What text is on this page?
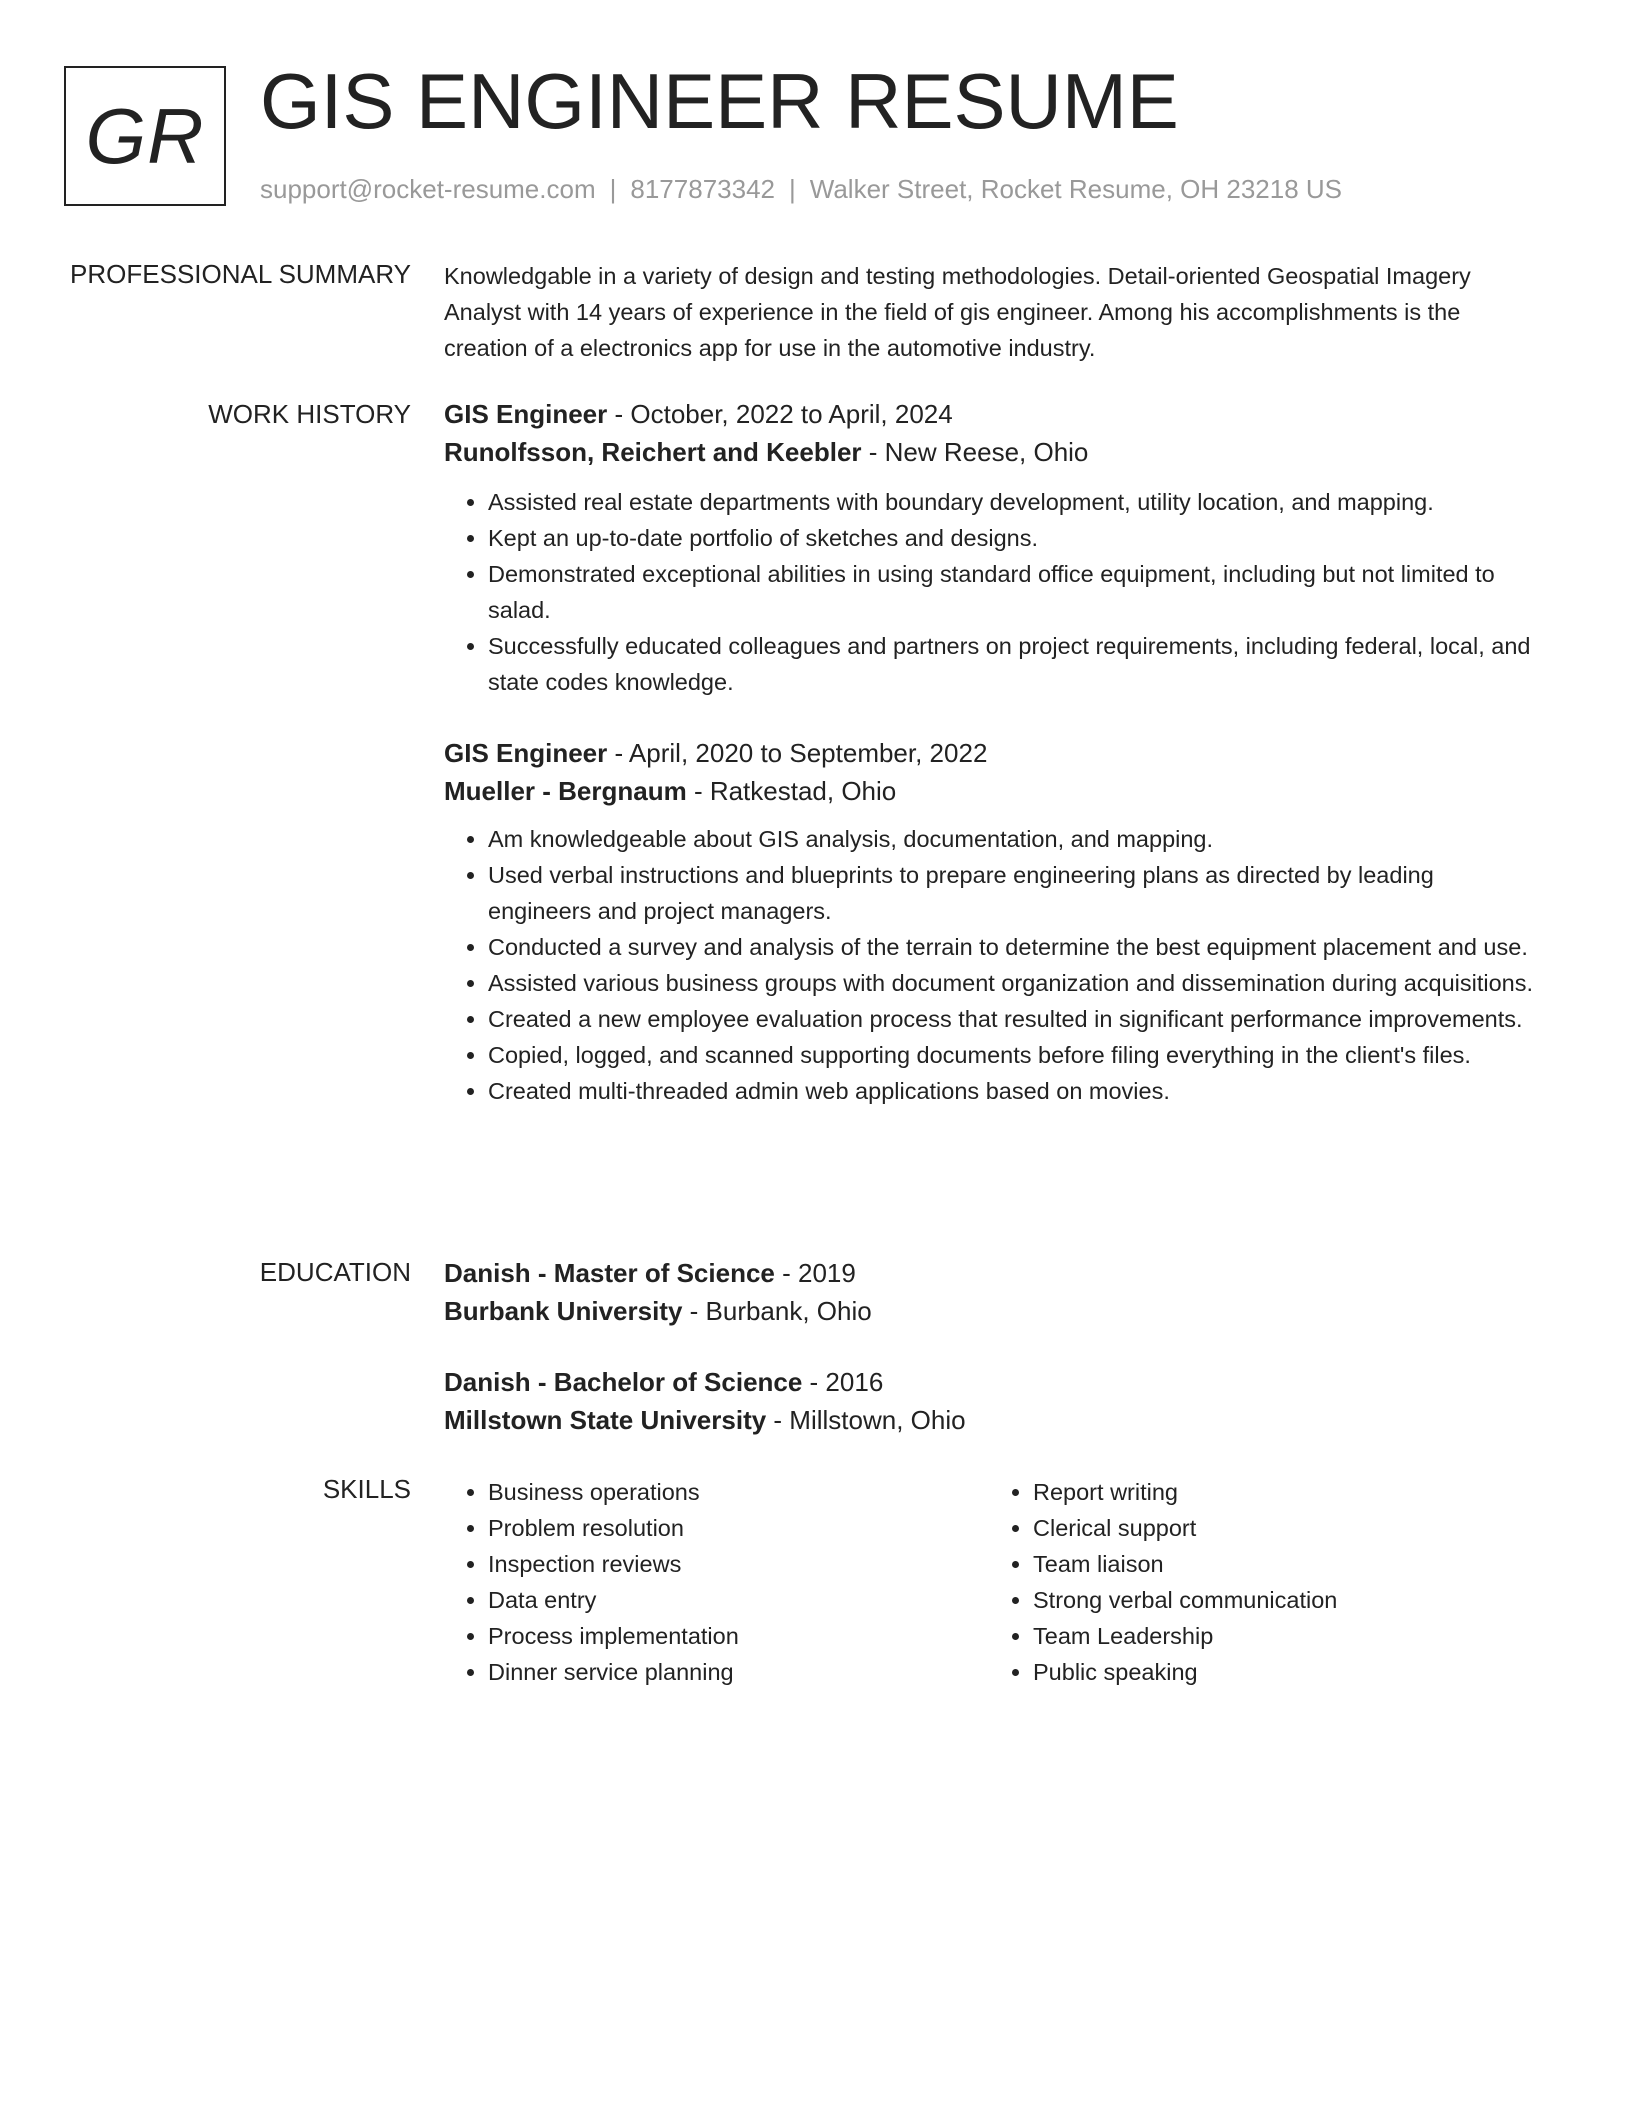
GR GIS ENGINEER RESUME
support@rocket-resume.com | 8177873342 | Walker Street, Rocket Resume, OH 23218 US
PROFESSIONAL SUMMARY Knowledgable in a variety of design and testing methodologies. Detail-oriented Geospatial Imagery Analyst with 14 years of experience in the field of gis engineer. Among his accomplishments is the creation of a electronics app for use in the automotive industry.
WORK HISTORY GIS Engineer - October, 2022 to April, 2024
Runolfsson, Reichert and Keebler - New Reese, Ohio
• Assisted real estate departments with boundary development, utility location, and mapping.
• Kept an up-to-date portfolio of sketches and designs.
• Demonstrated exceptional abilities in using standard office equipment, including but not limited to salad.
• Successfully educated colleagues and partners on project requirements, including federal, local, and state codes knowledge.
GIS Engineer - April, 2020 to September, 2022
Mueller - Bergnaum - Ratkestad, Ohio
• Am knowledgeable about GIS analysis, documentation, and mapping.
• Used verbal instructions and blueprints to prepare engineering plans as directed by leading engineers and project managers.
• Conducted a survey and analysis of the terrain to determine the best equipment placement and use.
• Assisted various business groups with document organization and dissemination during acquisitions.
• Created a new employee evaluation process that resulted in significant performance improvements.
• Copied, logged, and scanned supporting documents before filing everything in the client's files.
• Created multi-threaded admin web applications based on movies.
EDUCATION Danish - Master of Science - 2019
Burbank University - Burbank, Ohio
Danish - Bachelor of Science - 2016
Millstown State University - Millstown, Ohio
SKILLS
•	Business operations
• Problem resolution
• Inspection reviews
• Data entry
• Process implementation
• Dinner service planning
• Report writing
• Clerical support
• Team liaison
• Strong verbal communication
• Team Leadership
• Public speaking
